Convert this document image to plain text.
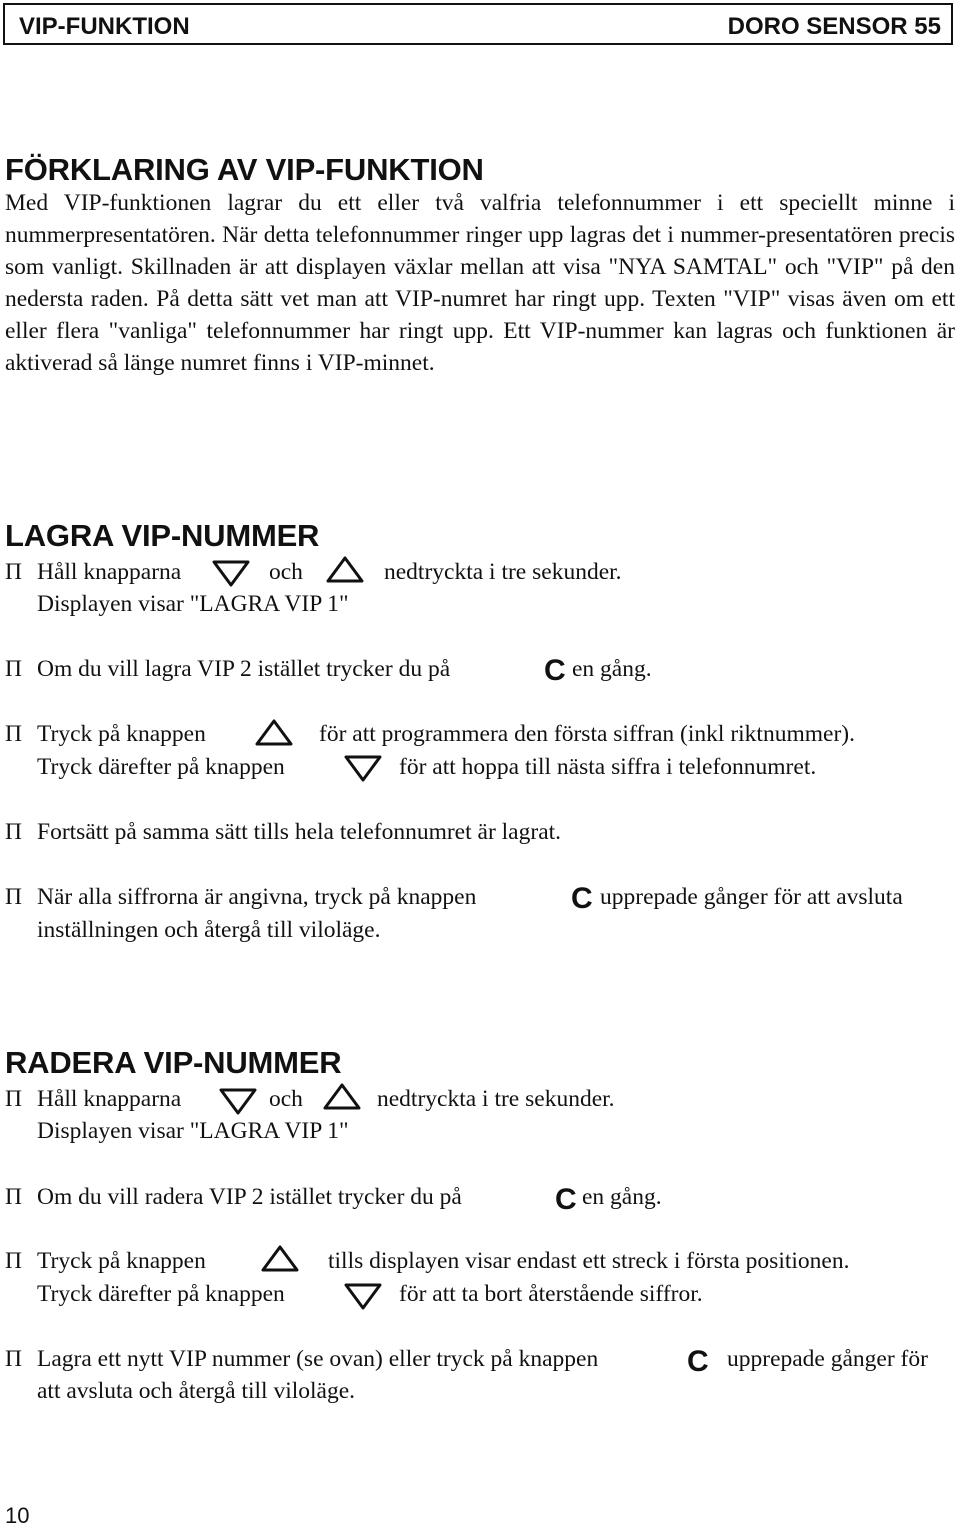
VIP-FUNKTION	DORO SENSOR 55
FÖRKLARING AV VIP-FUNKTION

Med VIP-funktionen lagrar du ett eller två valfria telefonnummer i ett speciellt minne i nummerpresentatören. När detta telefonnummer ringer upp lagras det i nummer-presentatören precis som vanligt. Skillnaden är att displayen växlar mellan att visa "NYA SAMTAL" och "VIP" på den nedersta raden. På detta sätt vet man att VIP-numret har ringt upp. Texten "VIP" visas även om ett eller flera "vanliga" telefonnummer har ringt upp. Ett VIP-nummer kan lagras och funktionen är aktiverad så länge numret finns i VIP-minnet.

LAGRA VIP-NUMMER
Π Håll knapparna	och	nedtryckta i tre sekunder.
Displayen visar "LAGRA VIP 1"
Π Om du vill lagra VIP 2 istället trycker du på	C en gång.
Π Tryck på knappen	för att programmera den första siffran (inkl riktnummer).
Tryck därefter på knappen	för att hoppa till nästa siffra i telefonnumret.
Π Fortsätt på samma sätt tills hela telefonnumret är lagrat.
Π När alla siffrorna är angivna, tryck på knappen	C upprepade gånger för att avsluta
inställningen och återgå till viloläge.
RADERA VIP-NUMMER
Π Håll knapparna	och	nedtryckta i tre sekunder.
Displayen visar "LAGRA VIP 1"
Π Om du vill radera VIP 2 istället trycker du på	C en gång.
Π Tryck på knappen	tills displayen visar endast ett streck i första positionen.
Tryck därefter på knappen	för att ta bort återstående siffror.
Π Lagra ett nytt VIP nummer (se ovan) eller tryck på knappen	C upprepade gånger för
att avsluta och återgå till viloläge.
10
